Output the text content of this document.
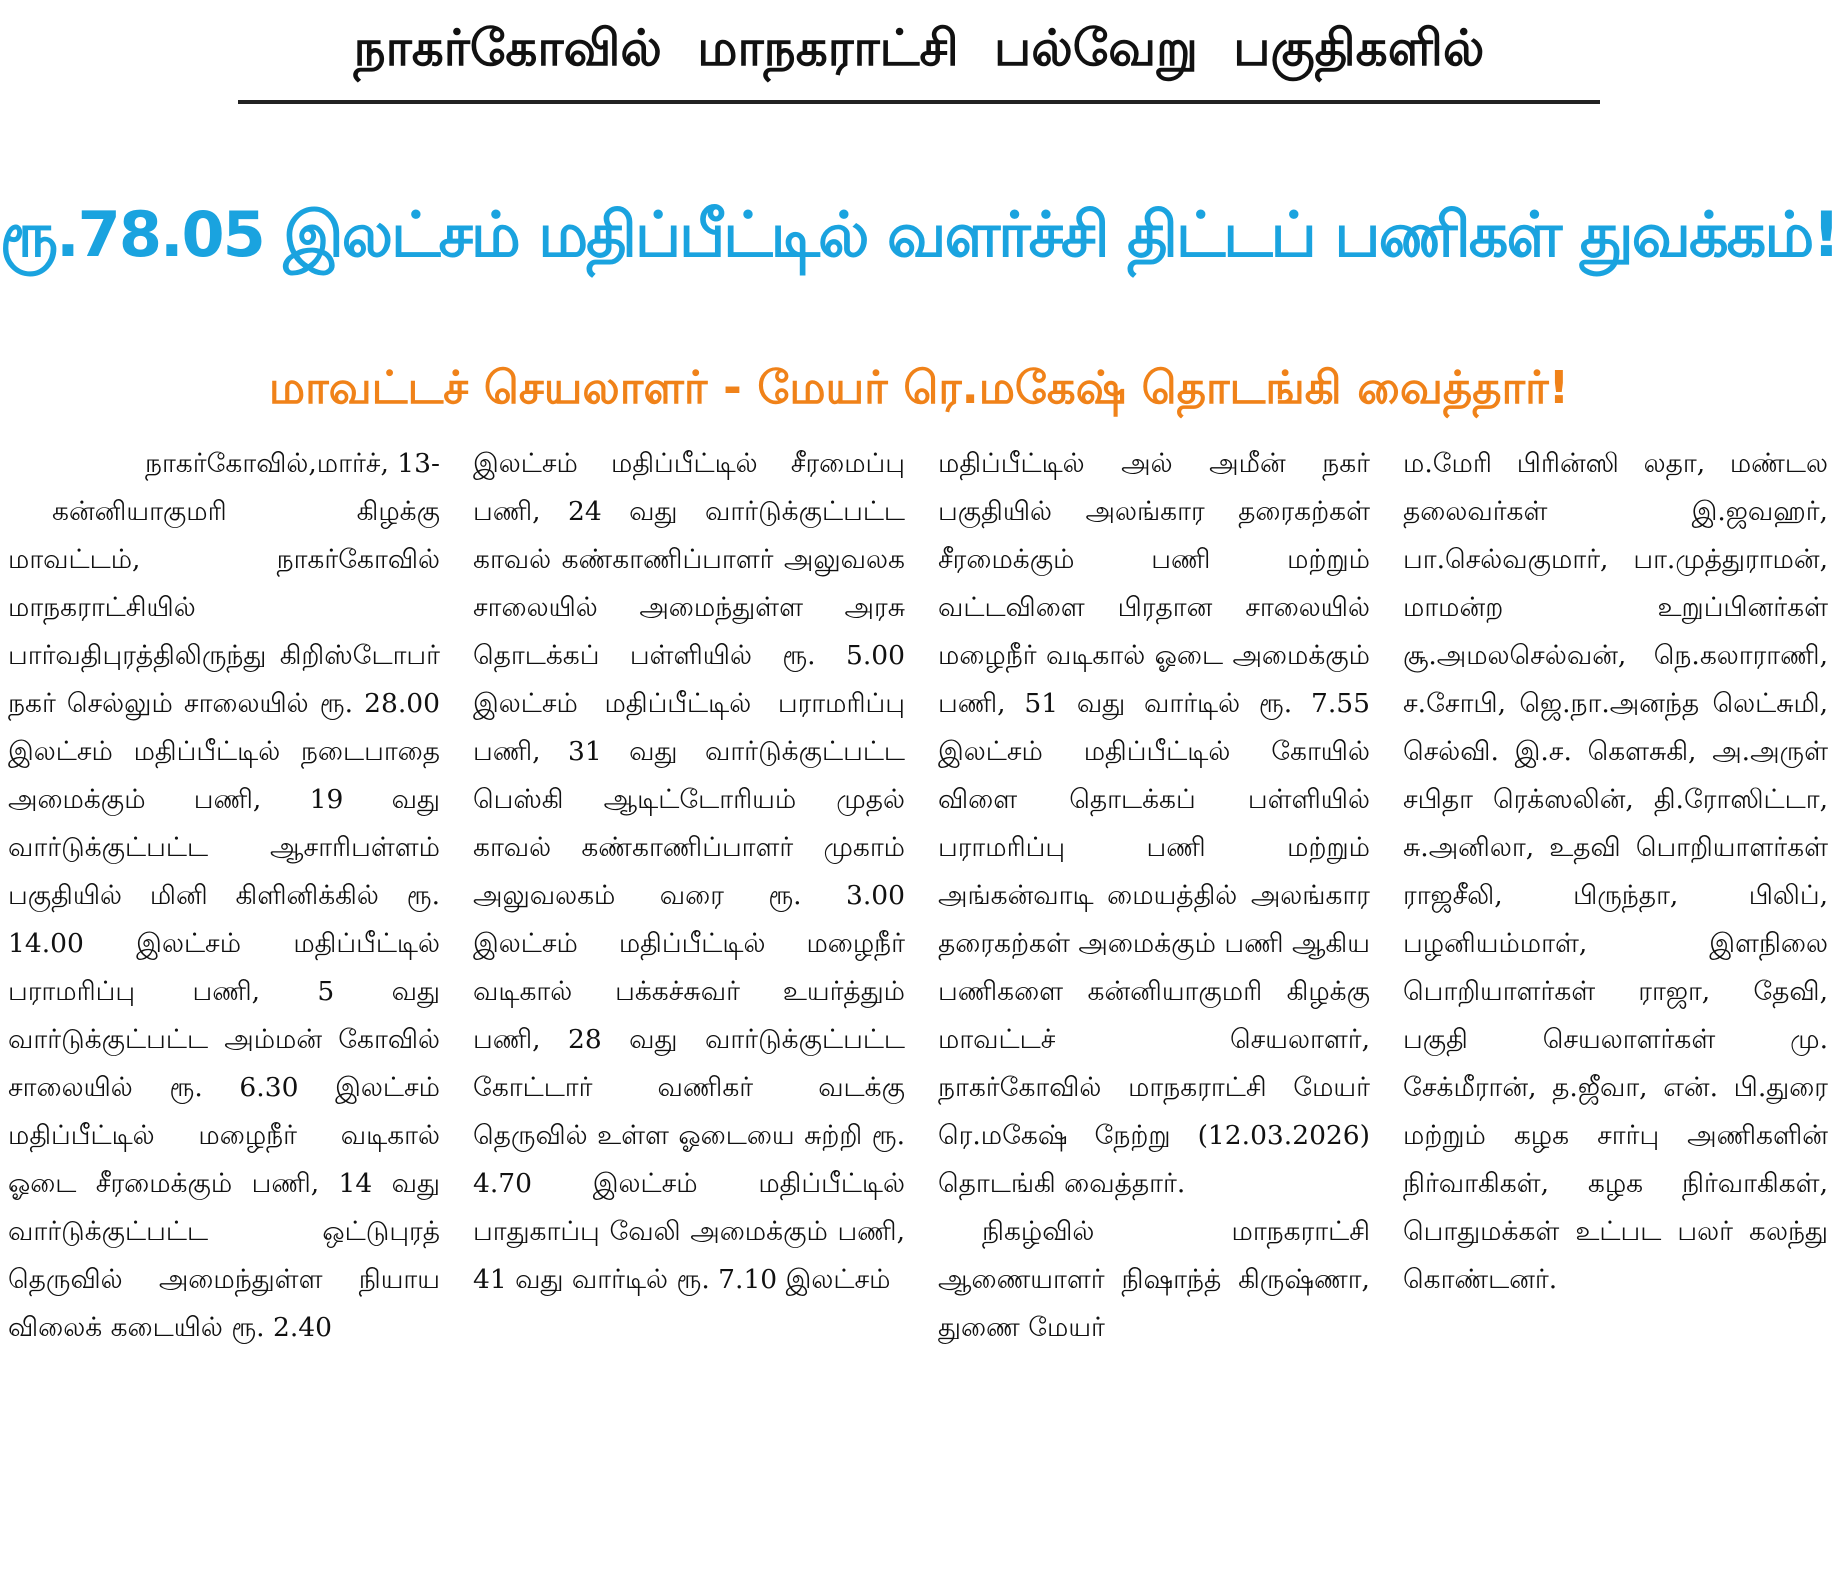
நாகர்கோவில் மாநகராட்சி பல்வேறு பகுதிகளில்
ரூ.78.05 இலட்சம் மதிப்பீட்டில் வளர்ச்சி திட்டப் பணிகள் துவக்கம்!
மாவட்டச் செயலாளர் - மேயர் ரெ.மகேஷ் தொடங்கி வைத்தார்!

நாகர்கோவில்,மார்ச், 13-

கன்னியாகுமரி கிழக்கு மாவட்டம், நாகர்கோவில் மாநகராட்சியில் பார்வதிபுரத்திலிருந்து கிறிஸ்டோபர் நகர் செல்லும் சாலையில் ரூ. 28.00 இலட்சம் மதிப்பீட்டில் நடைபாதை அமைக்கும் பணி, 19 வது வார்டுக்குட்பட்ட ஆசாரிபள்ளம் பகுதியில் மினி கிளினிக்கில் ரூ. 14.00 இலட்சம் மதிப்பீட்டில் பராமரிப்பு பணி, 5 வது வார்டுக்குட்பட்ட அம்மன் கோவில் சாலையில் ரூ. 6.30 இலட்சம் மதிப்பீட்டில் மழைநீர் வடிகால் ஓடை சீரமைக்கும் பணி, 14 வது வார்டுக்குட்பட்ட ஒட்டுபுரத் தெருவில் அமைந்துள்ள நியாய விலைக் கடையில் ரூ. 2.40

இலட்சம் மதிப்பீட்டில் சீரமைப்பு பணி, 24 வது வார்டுக்குட்பட்ட காவல் கண்காணிப்பாளர் அலுவலக சாலையில் அமைந்துள்ள அரசு தொடக்கப் பள்ளியில் ரூ. 5.00 இலட்சம் மதிப்பீட்டில் பராமரிப்பு பணி, 31 வது வார்டுக்குட்பட்ட பெஸ்கி ஆடிட்டோரியம் முதல் காவல் கண்காணிப்பாளர் முகாம் அலுவலகம் வரை ரூ. 3.00 இலட்சம் மதிப்பீட்டில் மழைநீர் வடிகால் பக்கச்சுவர் உயர்த்தும் பணி, 28 வது வார்டுக்குட்பட்ட கோட்டார் வணிகர் வடக்கு தெருவில் உள்ள ஓடையை சுற்றி ரூ. 4.70 இலட்சம் மதிப்பீட்டில் பாதுகாப்பு வேலி அமைக்கும் பணி, 41 வது வார்டில் ரூ. 7.10 இலட்சம்

மதிப்பீட்டில் அல் அமீன் நகர் பகுதியில் அலங்கார தரைகற்கள் சீரமைக்கும் பணி மற்றும் வட்டவிளை பிரதான சாலையில் மழைநீர் வடிகால் ஓடை அமைக்கும் பணி, 51 வது வார்டில் ரூ. 7.55 இலட்சம் மதிப்பீட்டில் கோயில் விளை தொடக்கப் பள்ளியில் பராமரிப்பு பணி மற்றும் அங்கன்வாடி மையத்தில் அலங்கார தரைகற்கள் அமைக்கும் பணி ஆகிய பணிகளை கன்னியாகுமரி கிழக்கு மாவட்டச் செயலாளர், நாகர்கோவில் மாநகராட்சி மேயர் ரெ.மகேஷ் நேற்று (12.03.2026) தொடங்கி வைத்தார்.

நிகழ்வில் மாநகராட்சி ஆணையாளர் நிஷாந்த் கிருஷ்ணா, துணை மேயர்

ம.மேரி பிரின்ஸி லதா, மண்டல தலைவர்கள் இ.ஜவஹர், பா.செல்வகுமார், பா.முத்துராமன், மாமன்ற உறுப்பினர்கள் சூ.அமலசெல்வன், நெ.கலாராணி, ச.சோபி, ஜெ.நா.அனந்த லெட்சுமி, செல்வி. இ.ச. கௌசுகி, அ.அருள் சபிதா ரெக்ஸலின், தி.ரோஸிட்டா, சு.அனிலா, உதவி பொறியாளர்கள் ராஜசீலி, பிருந்தா, பிலிப், பழனியம்மாள், இளநிலை பொறியாளர்கள் ராஜா, தேவி, பகுதி செயலாளர்கள் மு. சேக்மீரான், த.ஜீவா, என். பி.துரை மற்றும் கழக சார்பு அணிகளின் நிர்வாகிகள், கழக நிர்வாகிகள், பொதுமக்கள் உட்பட பலர் கலந்து கொண்டனர்.
